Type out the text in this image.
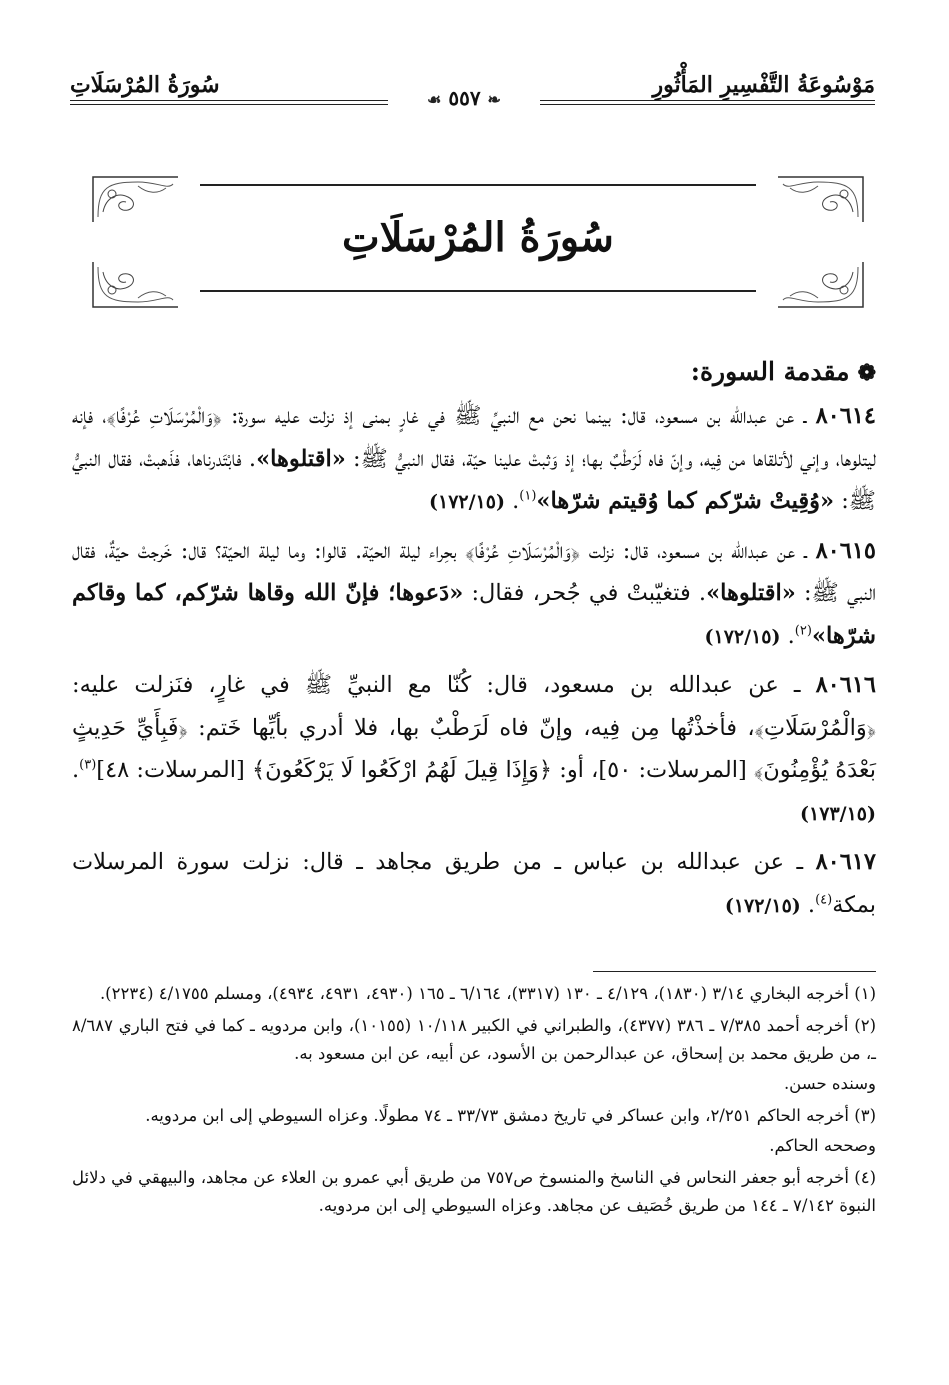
مَوْسُوعَةُ التَّفْسِيرِ المَأْثُورِ
سُورَةُ المُرْسَلَاتِ
❧ ٥٥٧ ☙
سُورَةُ المُرْسَلَاتِ

❁مقدمة السورة:

٨٠٦١٤ ـ عن عبدالله بن مسعود، قال: بينما نحن مع النبيِّ ﷺ في غارٍ بمنى إذ نزلت عليه سورة: ﴿وَالْمُرْسَلَاتِ عُرْفًا﴾، فإنه ليتلوها، وإني لأتلقاها من فِيه، وإنّ فاه لَرَطْبٌ بها؛ إذ وَثبتْ علينا حيّة، فقال النبيُّ ﷺ: «اقتلوها». فابْتَدرناها، فذَهبتْ، فقال النبيُّ ﷺ: «وُقِيتْ شرّكم كما وُقيتم شرّها»$^{(١)}$. (١٧٢/١٥)

٨٠٦١٥ ـ عن عبدالله بن مسعود، قال: نزلت ﴿وَالْمُرْسَلَاتِ عُرْفًا﴾ بحِراء ليلة الحيّة. قالوا: وما ليلة الحيّة؟ قال: خَرجتْ حيّةٌ، فقال النبي ﷺ: «اقتلوها». فتغيّبتْ في جُحر، فقال: «دَعوها؛ فإنّ الله وقاها شرّكم، كما وقاكم شرّها»$^{(٢)}$. (١٧٢/١٥)

٨٠٦١٦ ـ عن عبدالله بن مسعود، قال: كُنّا مع النبيِّ ﷺ في غارٍ، فنَزلت عليه: ﴿وَالْمُرْسَلَاتِ﴾، فأخذْتُها مِن فِيه، وإنّ فاه لَرَطْبٌ بها، فلا أدري بأيِّها خَتم: ﴿فَبِأَيِّ حَدِيثٍ بَعْدَهُ يُؤْمِنُونَ﴾ [المرسلات: ٥٠]، أو: ﴿وَإِذَا قِيلَ لَهُمُ ارْكَعُوا لَا يَرْكَعُونَ﴾ [المرسلات: ٤٨]$^{(٣)}$. (١٧٣/١٥)

٨٠٦١٧ ـ عن عبدالله بن عباس ـ من طريق مجاهد ـ قال: نزلت سورة المرسلات بمكة$^{(٤)}$. (١٧٢/١٥)

(١) أخرجه البخاري ٣/١٤ (١٨٣٠)، ٤/١٢٩ ـ ١٣٠ (٣٣١٧)، ٦/١٦٤ ـ ١٦٥ (٤٩٣٠، ٤٩٣١، ٤٩٣٤)، ومسلم ٤/١٧٥٥ (٢٢٣٤).

(٢) أخرجه أحمد ٧/٣٨٥ ـ ٣٨٦ (٤٣٧٧)، والطبراني في الكبير ١٠/١١٨ (١٠١٥٥)، وابن مردويه ـ كما في فتح الباري ٨/٦٨٧ ـ، من طريق محمد بن إسحاق، عن عبدالرحمن بن الأسود، عن أبيه، عن ابن مسعود به.

وسنده حسن.

(٣) أخرجه الحاكم ٢/٢٥١، وابن عساكر في تاريخ دمشق ٣٣/٧٣ ـ ٧٤ مطولًا. وعزاه السيوطي إلى ابن مردويه.

وصححه الحاكم.

(٤) أخرجه أبو جعفر النحاس في الناسخ والمنسوخ ص٧٥٧ من طريق أبي عمرو بن العلاء عن مجاهد، والبيهقي في دلائل النبوة ٧/١٤٢ ـ ١٤٤ من طريق خُصَيف عن مجاهد. وعزاه السيوطي إلى ابن مردويه.
